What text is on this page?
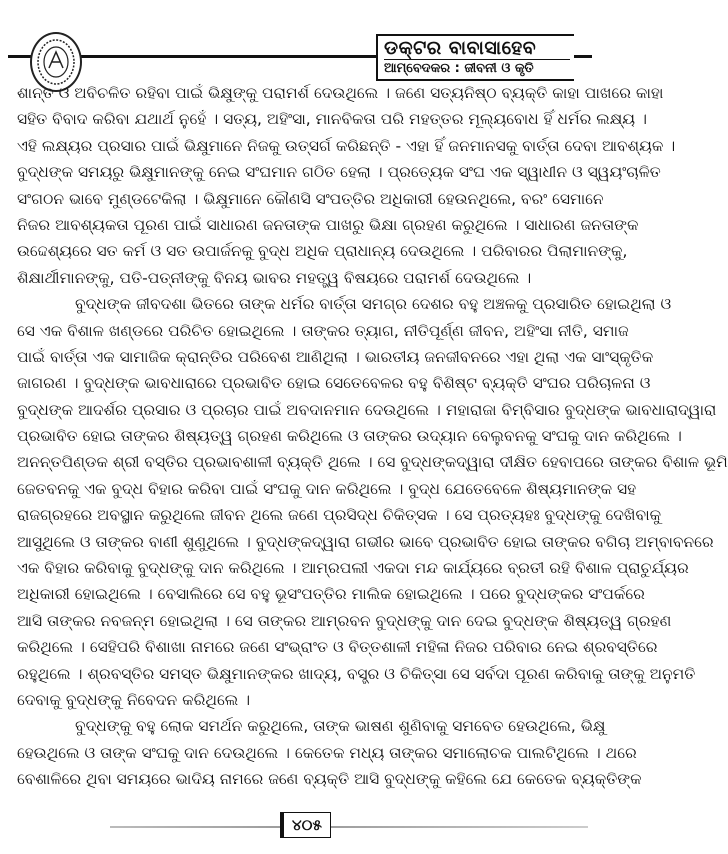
ଡକ୍ଟର ବାବାସାହେବ
ଆମ୍ବେଦକର : ଜୀବନୀ ଓ କୃତି
ଶାନ୍ତ ଓ ଅବିଚଳିତ ରହିବା ପାଇଁ ଭିକ୍ଷୁଙ୍କୁ ପରାମର୍ଶ ଦେଉଥିଲେ । ଜଣେ ସତ୍ୟନିଷ୍ଠ ବ୍ୟକ୍ତି କାହା ପାଖରେ କାହା
ସହିତ ବିବାଦ କରିବା ଯଥାର୍ଥ ନୁହେଁ । ସତ୍ୟ, ଅହିଂସା, ମାନବିକତା ପରି ମହତ୍ତର ମୂଲ୍ୟବୋଧ ହିଁ ଧର୍ମର ଲକ୍ଷ୍ୟ ।
ଏହି ଲକ୍ଷ୍ୟର ପ୍ରସାର ପାଇଁ ଭିକ୍ଷୁମାନେ ନିଜକୁ ଉତ୍ସର୍ଗ କରିଛନ୍ତି - ଏହା ହିଁ ଜନମାନସକୁ ବାର୍ତ୍ତା ଦେବା ଆବଶ୍ୟକ ।
ବୁଦ୍ଧଙ୍କ ସମୟରୁ ଭିକ୍ଷୁମାନଙ୍କୁ ନେଇ ସଂଘମାନ ଗଠିତ ହେଲା । ପ୍ରତ୍ୟେକ ସଂଘ ଏକ ସ୍ୱାଧୀନ ଓ ସ୍ୱୟଂଚାଳିତ
ସଂଗଠନ ଭାବେ ମୁଣ୍ଡଟେକିଲା । ଭିକ୍ଷୁମାନେ କୌଣସି ସଂପତ୍ତିର ଅଧିକାରୀ ହେଉନଥିଲେ, ବରଂ ସେମାନେ
ନିଜର ଆବଶ୍ୟକତା ପୂରଣ ପାଇଁ ସାଧାରଣ ଜନତାଙ୍କ ପାଖରୁ ଭିକ୍ଷା ଗ୍ରହଣ କରୁଥିଲେ । ସାଧାରଣ ଜନତାଙ୍କ
ଉଦ୍ଦେଶ୍ୟରେ ସତ କର୍ମ ଓ ସତ ଉପାର୍ଜନକୁ ବୁଦ୍ଧ ଅଧିକ ପ୍ରାଧାନ୍ୟ ଦେଉଥିଲେ । ପରିବାରର ପିଲାମାନଙ୍କୁ,
ଶିକ୍ଷାର୍ଥୀମାନଙ୍କୁ, ପତି-ପତ୍ନୀଙ୍କୁ ବିନୟ ଭାବର ମହତ୍ତ୍ୱ ବିଷୟରେ ପରାମର୍ଶ ଦେଉଥିଲେ ।
ବୁଦ୍ଧଙ୍କ ଜୀବଦଶା ଭିତରେ ତାଙ୍କ ଧର୍ମର ବାର୍ତ୍ତା ସମଗ୍ର ଦେଶର ବହୁ ଅଞ୍ଚଳକୁ ପ୍ରସାରିତ ହୋଇଥିଲା ଓ
ସେ ଏକ ବିଶାଳ ଖଣ୍ଡରେ ପରିଚିତ ହୋଇଥିଲେ । ତାଙ୍କର ତ୍ୟାଗ, ନୀତିପୂର୍ଣ୍ଣ ଜୀବନ, ଅହିଂସା ନୀତି, ସମାଜ
ପାଇଁ ବାର୍ତ୍ତା ଏକ ସାମାଜିକ କ୍ରାନ୍ତିର ପରିବେଶ ଆଣିଥିଲା । ଭାରତୀୟ ଜନଜୀବନରେ ଏହା ଥିଲା ଏକ ସାଂସ୍କୃତିକ
ଜାଗରଣ । ବୁଦ୍ଧଙ୍କ ଭାବଧାରାରେ ପ୍ରଭାବିତ ହୋଇ ସେତେବେଳର ବହୁ ବିଶିଷ୍ଟ ବ୍ୟକ୍ତି ସଂଘର ପରିଚାଳନା ଓ
ବୁଦ୍ଧଙ୍କ ଆଦର୍ଶର ପ୍ରସାର ଓ ପ୍ରଚାର ପାଇଁ ଅବଦାନମାନ ଦେଉଥିଲେ । ମହାରାଜା ବିମ୍ବିସାର ବୁଦ୍ଧଙ୍କ ଭାବଧାରାଦ୍ୱାରା
ପ୍ରଭାବିତ ହୋଇ ତାଙ୍କର ଶିଷ୍ୟତ୍ୱ ଗ୍ରହଣ କରିଥିଲେ ଓ ତାଙ୍କର ଉଦ୍ୟାନ ବେଲୁବନକୁ ସଂଘକୁ ଦାନ କରିଥିଲେ ।
ଅନନ୍ତପିଣ୍ଡକ ଶ୍ରୀ ବସ୍ତିର ପ୍ରଭାବଶାଳୀ ବ୍ୟକ୍ତି ଥିଲେ । ସେ ବୁଦ୍ଧଙ୍କଦ୍ୱାରା ଦୀକ୍ଷିତ ହେବାପରେ ତାଙ୍କର ବିଶାଳ ଭୂମି
ଜେତବନକୁ ଏକ ବୁଦ୍ଧ ବିହାର କରିବା ପାଇଁ ସଂଘକୁ ଦାନ କରିଥିଲେ । ବୁଦ୍ଧ ଯେତେବେଳେ ଶିଷ୍ୟମାନଙ୍କ ସହ
ରାଜଗ୍ରହରେ ଅବସ୍ଥାନ କରୁଥିଲେ ଜୀବନ ଥିଲେ ଜଣେ ପ୍ରସିଦ୍ଧ ଚିକିତ୍ସକ । ସେ ପ୍ରତ୍ୟହଃ ବୁଦ୍ଧଙ୍କୁ ଦେଖିବାକୁ
ଆସୁଥିଲେ ଓ ତାଙ୍କର ବାଣୀ ଶୁଣୁଥିଲେ । ବୁଦ୍ଧଙ୍କଦ୍ୱାରା ଗଭୀର ଭାବେ ପ୍ରଭାବିତ ହୋଇ ତାଙ୍କର ବଗିଚା ଅମ୍ବାବନରେ
ଏକ ବିହାର କରିବାକୁ ବୁଦ୍ଧଙ୍କୁ ଦାନ କରିଥିଲେ । ଆମ୍ରପଲୀ ଏକଦା ମନ୍ଦ କାର୍ଯ୍ୟରେ ବ୍ରତୀ ରହି ବିଶାଳ ପ୍ରାଚୁର୍ଯ୍ୟର
ଅଧିକାରୀ ହୋଇଥିଲେ । ବେସାଲିରେ ସେ ବହୁ ଭୂସଂପତ୍ତିର ମାଲିକ ହୋଇଥିଲେ । ପରେ ବୁଦ୍ଧଙ୍କର ସଂପର୍କରେ
ଆସି ତାଙ୍କର ନବଜନ୍ମ ହୋଇଥିଲା । ସେ ତାଙ୍କର ଆମ୍ରବନ ବୁଦ୍ଧଙ୍କୁ ଦାନ ଦେଇ ବୁଦ୍ଧଙ୍କ ଶିଷ୍ୟତ୍ୱ ଗ୍ରହଣ
କରିଥିଲେ । ସେହିପରି ବିଶାଖା ନାମରେ ଜଣେ ସଂଭ୍ରାଂତ ଓ ବିତ୍ତଶାଳୀ ମହିଳା ନିଜର ପରିବାର ନେଇ ଶ୍ରବସ୍ତିରେ
ରହୁଥିଲେ । ଶ୍ରବସ୍ତିର ସମସ୍ତ ଭିକ୍ଷୁମାନଙ୍କର ଖାଦ୍ୟ, ବସ୍ତ୍ର ଓ ଚିକିତ୍ସା ସେ ସର୍ବଦା ପୂରଣ କରିବାକୁ ତାଙ୍କୁ ଅନୁମତି
ଦେବାକୁ ବୁଦ୍ଧଙ୍କୁ ନିବେଦନ କରିଥିଲେ ।
ବୁଦ୍ଧଙ୍କୁ ବହୁ ଲୋକ ସମର୍ଥନ କରୁଥିଲେ, ତାଙ୍କ ଭାଷଣ ଶୁଣିବାକୁ ସମବେତ ହେଉଥିଲେ, ଭିକ୍ଷୁ
ହେଉଥିଲେ ଓ ତାଙ୍କ ସଂଘକୁ ଦାନ ଦେଉଥିଲେ । କେତେକ ମଧ୍ୟ ତାଙ୍କର ସମାଲୋଚକ ପାଲଟିଥିଲେ । ଥରେ
ବେଶାଳିରେ ଥିବା ସମୟରେ ଭାଦିୟ ନାମରେ ଜଣେ ବ୍ୟକ୍ତି ଆସି ବୁଦ୍ଧଙ୍କୁ କହିଲେ ଯେ କେତେକ ବ୍ୟକ୍ତିଙ୍କ
୪୦୫
